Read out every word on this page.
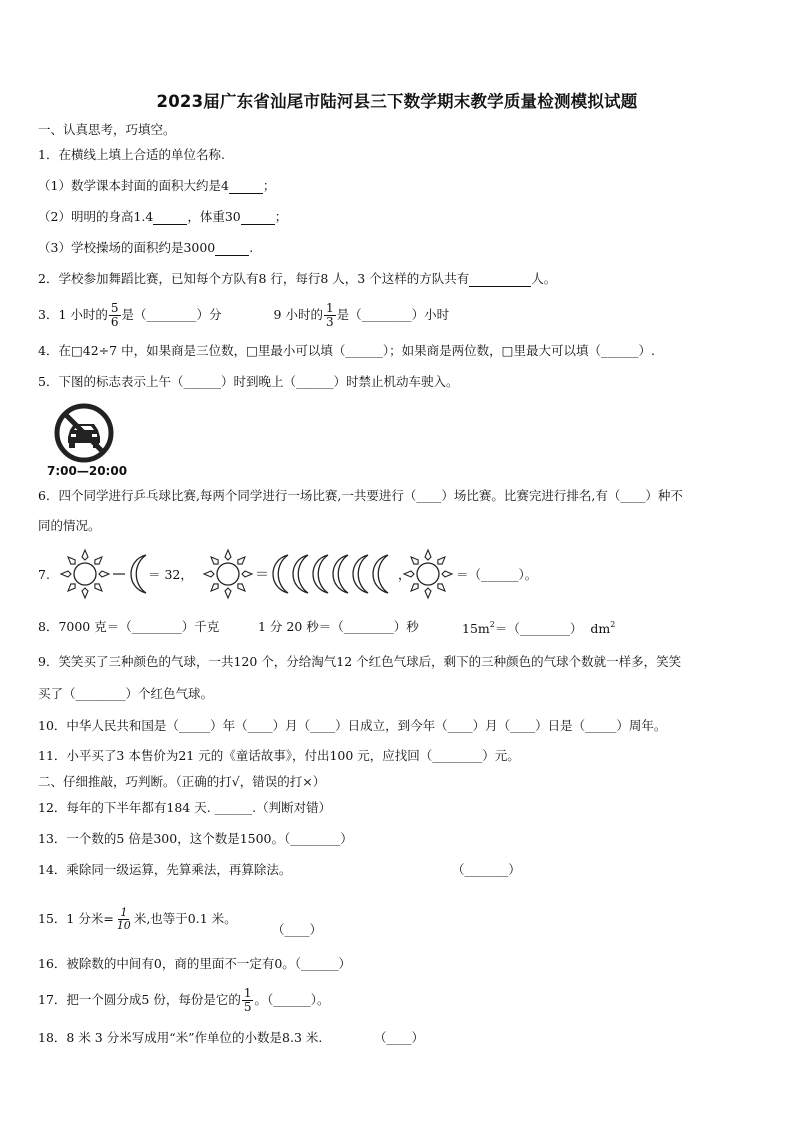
2023届广东省汕尾市陆河县三下数学期末教学质量检测模拟试题
一、认真思考，巧填空。
1．在横线上填上合适的单位名称.
（1）数学课本封面的面积大约是4	；
（2）明明的身高1.4	，体重30	；
（3）学校操场的面积约是3000	.
2．学校参加舞蹈比赛，已知每个方队有8 行，每行8 人，3 个这样的方队共有	人。
3．1 小时的 $\frac{5}{6}$ 是（________）分	9 小时的 $\frac{1}{3}$ 是（________）小时
4．在□42÷7 中，如果商是三位数，□里最小可以填（______）；如果商是两位数，□里最大可以填（______）.
5．下图的标志表示上午（______）时到晚上（______）时禁止机动车驶入。
7:00—20:00
6．四个同学进行乒乓球比赛,每两个同学进行一场比赛,一共要进行（____）场比赛。比赛完进行排名,有（____）种不
同的情况。
7.	＝
＝ 32，	，	＝（______）。
8．7000 克＝（________）千克	1 分 20 秒＝（________）秒	$15m^2=(\_\_\_\_\_\_\_\_)$ $dm^2$
9．笑笑买了三种颜色的气球，一共120 个，分给淘气12 个红色气球后，剩下的三种颜色的气球个数就一样多，笑笑
买了（________）个红色气球。
10．中华人民共和国是（_____）年（____）月（____）日成立，到今年（____）月（____）日是（_____）周年。
11．小平买了3 本售价为21 元的《童话故事》，付出100 元，应找回（________）元。
二、仔细推敲，巧判断。（正确的打√，错误的打×）
12．每年的下半年都有184 天. ______.（判断对错）
13．一个数的5 倍是300，这个数是1500。（________）
14．乘除同一级运算，先算乘法，再算除法。	（_______）
15．1 分米= $\frac{1}{10}$ 米,也等于0.1 米。
（____）
16．被除数的中间有0，商的里面不一定有0。（______）
17．把一个圆分成5 份，每份是它的 $\frac{1}{5}$ 。（______）。
18．8 米 3 分米写成用“米”作单位的小数是8.3 米.	（____）
